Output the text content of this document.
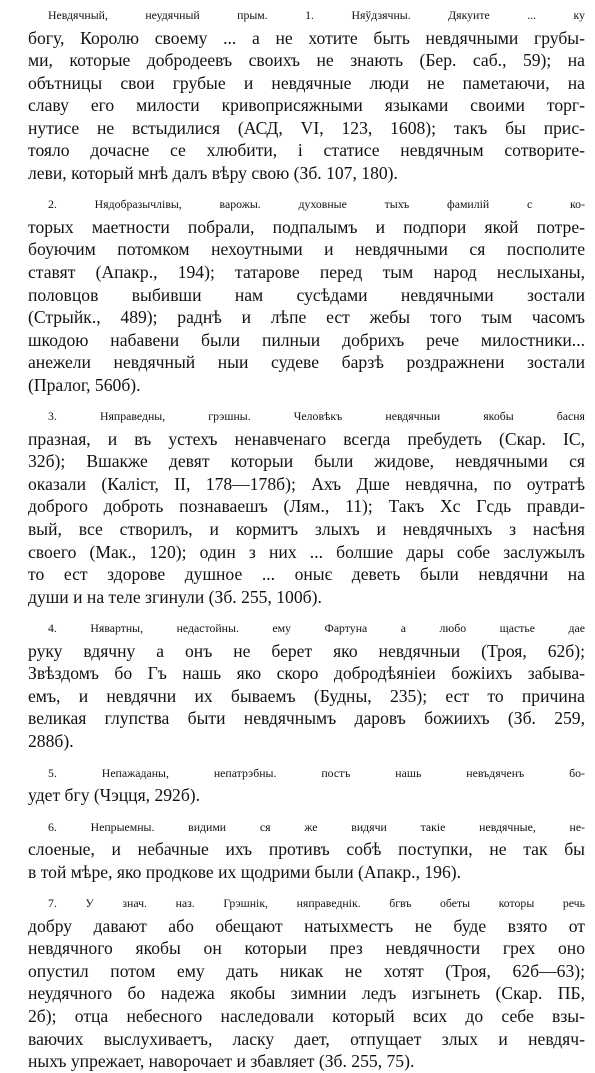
Невдячный, неудячный прым. 1. Няўдзячны. Дякуите ... ку
богу, Королю своему ... а не хотите быть невдячными грубы-
ми, которые добродеевъ своихъ не знають (Бер. саб., 59); на
обътницы свои грубые и невдячные люди не паметаючи, на
славу его милости кривоприсяжными языками своими торг-
нутисе не встыдилися (АСД, VI, 123, 1608); такъ бы прис-
тояло дочасне се хлюбити, і статисе невдячным сотворите-
леви, который мнѣ далъ вѣру свою (Зб. 107, 180).

2. Нядобразычлівы, варожы. духовные тыхъ фамилій с ко-
торых маетности побрали, подпалымъ и подпори якой потре-
боуючим потомком нехоутными и невдячными ся посполите
ставят (Апакр., 194); татарове перед тым народ неслыханы,
половцов выбивши нам сусѣдами невдячными зостали
(Стрыйк., 489); раднѣ и лѣпе ест жебы того тым часомъ
шкодою набавени были пилныи добрихъ рече милостники...
анежели невдячный ныи судеве барзѣ роздражнени зостали
(Пралог, 560б).

3. Няправедны, грэшны. Человѣкъ невдячныи якобы басня
празная, и въ устехъ ненавченаго всегда пребудеть (Скар. IC,
32б); Вшакже девят которыи были жидове, невдячными ся
оказали (Каліст, II, 178—178б); Ахъ Дше невдячна, по оутратѣ
доброго доброть познаваешъ (Лям., 11); Такъ Хс Гсдь правди-
вый, все створилъ, и кормитъ злыхъ и невдячныхъ з насѣня
своего (Мак., 120); один з них ... болшие дары собе заслужылъ
то ест здорове душное ... оныє деветь были невдячни на
души и на теле згинули (Зб. 255, 100б).

4. Нявартны, недастойны. ему Фартуна а любо щастье дае
руку вдячну а онъ не берет яко невдячныи (Троя, 62б);
Звѣздомъ бо Гъ нашь яко скоро добродѣяніеи божіихъ забыва-
емъ, и невдячни их бываемъ (Будны, 235); ест то причина
великая глупства быти невдячнымъ даровъ божиихъ (Зб. 259,
288б).

5. Непажаданы, непатрэбны. постъ нашь невъдяченъ бо-
удет бгу (Чэцця, 292б).

6. Непрыемны. видими ся же видячи такіе невдячные, не-
слоеные, и небачные ихъ противъ собѣ поступки, не так бы
в той мѣре, яко продкове их щодрими были (Апакр., 196).

7. У знач. наз. Грэшнік, няправеднік. бгвъ обеты которы речь
добру давают або обещают натыхместъ не буде взято от
невдячного якобы он которыи през невдячности грех оно
опустил потом ему дать никак не хотят (Троя, 62б—63);
неудячного бо надежа якобы зимнии ледъ изгынеть (Скар. ПБ,
2б); отца небесного наследовали который всих до себе взы-
ваючих выслухиваетъ, ласку дает, отпущает злых и невдяч-
ныхъ упрежает, наворочает и збавляет (Зб. 255, 75).
